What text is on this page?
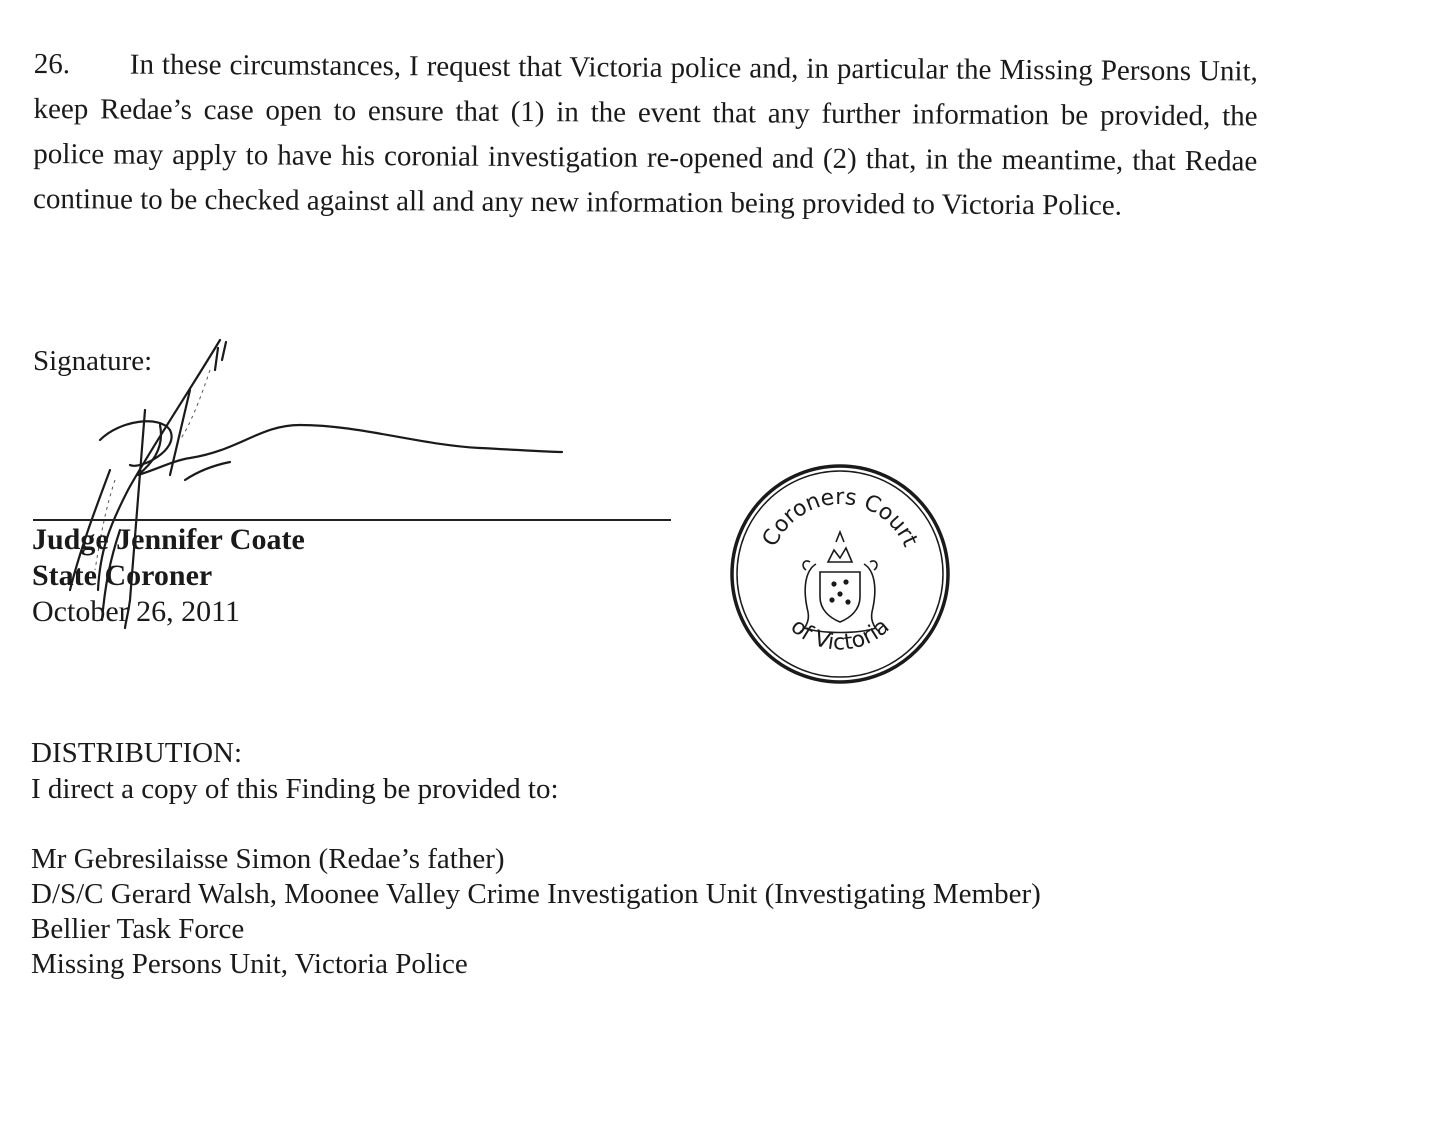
26. In these circumstances, I request that Victoria police and, in particular the Missing Persons Unit, keep Redae’s case open to ensure that (1) in the event that any further information be provided, the police may apply to have his coronial investigation re-opened and (2) that, in the meantime, that Redae continue to be checked against all and any new information being provided to Victoria Police.
Signature:
Judge Jennifer Coate
State Coroner
October 26, 2011
Coroners Court
of Victoria
DISTRIBUTION:
I direct a copy of this Finding be provided to:
Mr Gebresilaisse Simon (Redae’s father)
D/S/C Gerard Walsh, Moonee Valley Crime Investigation Unit (Investigating Member)
Bellier Task Force
Missing Persons Unit, Victoria Police
